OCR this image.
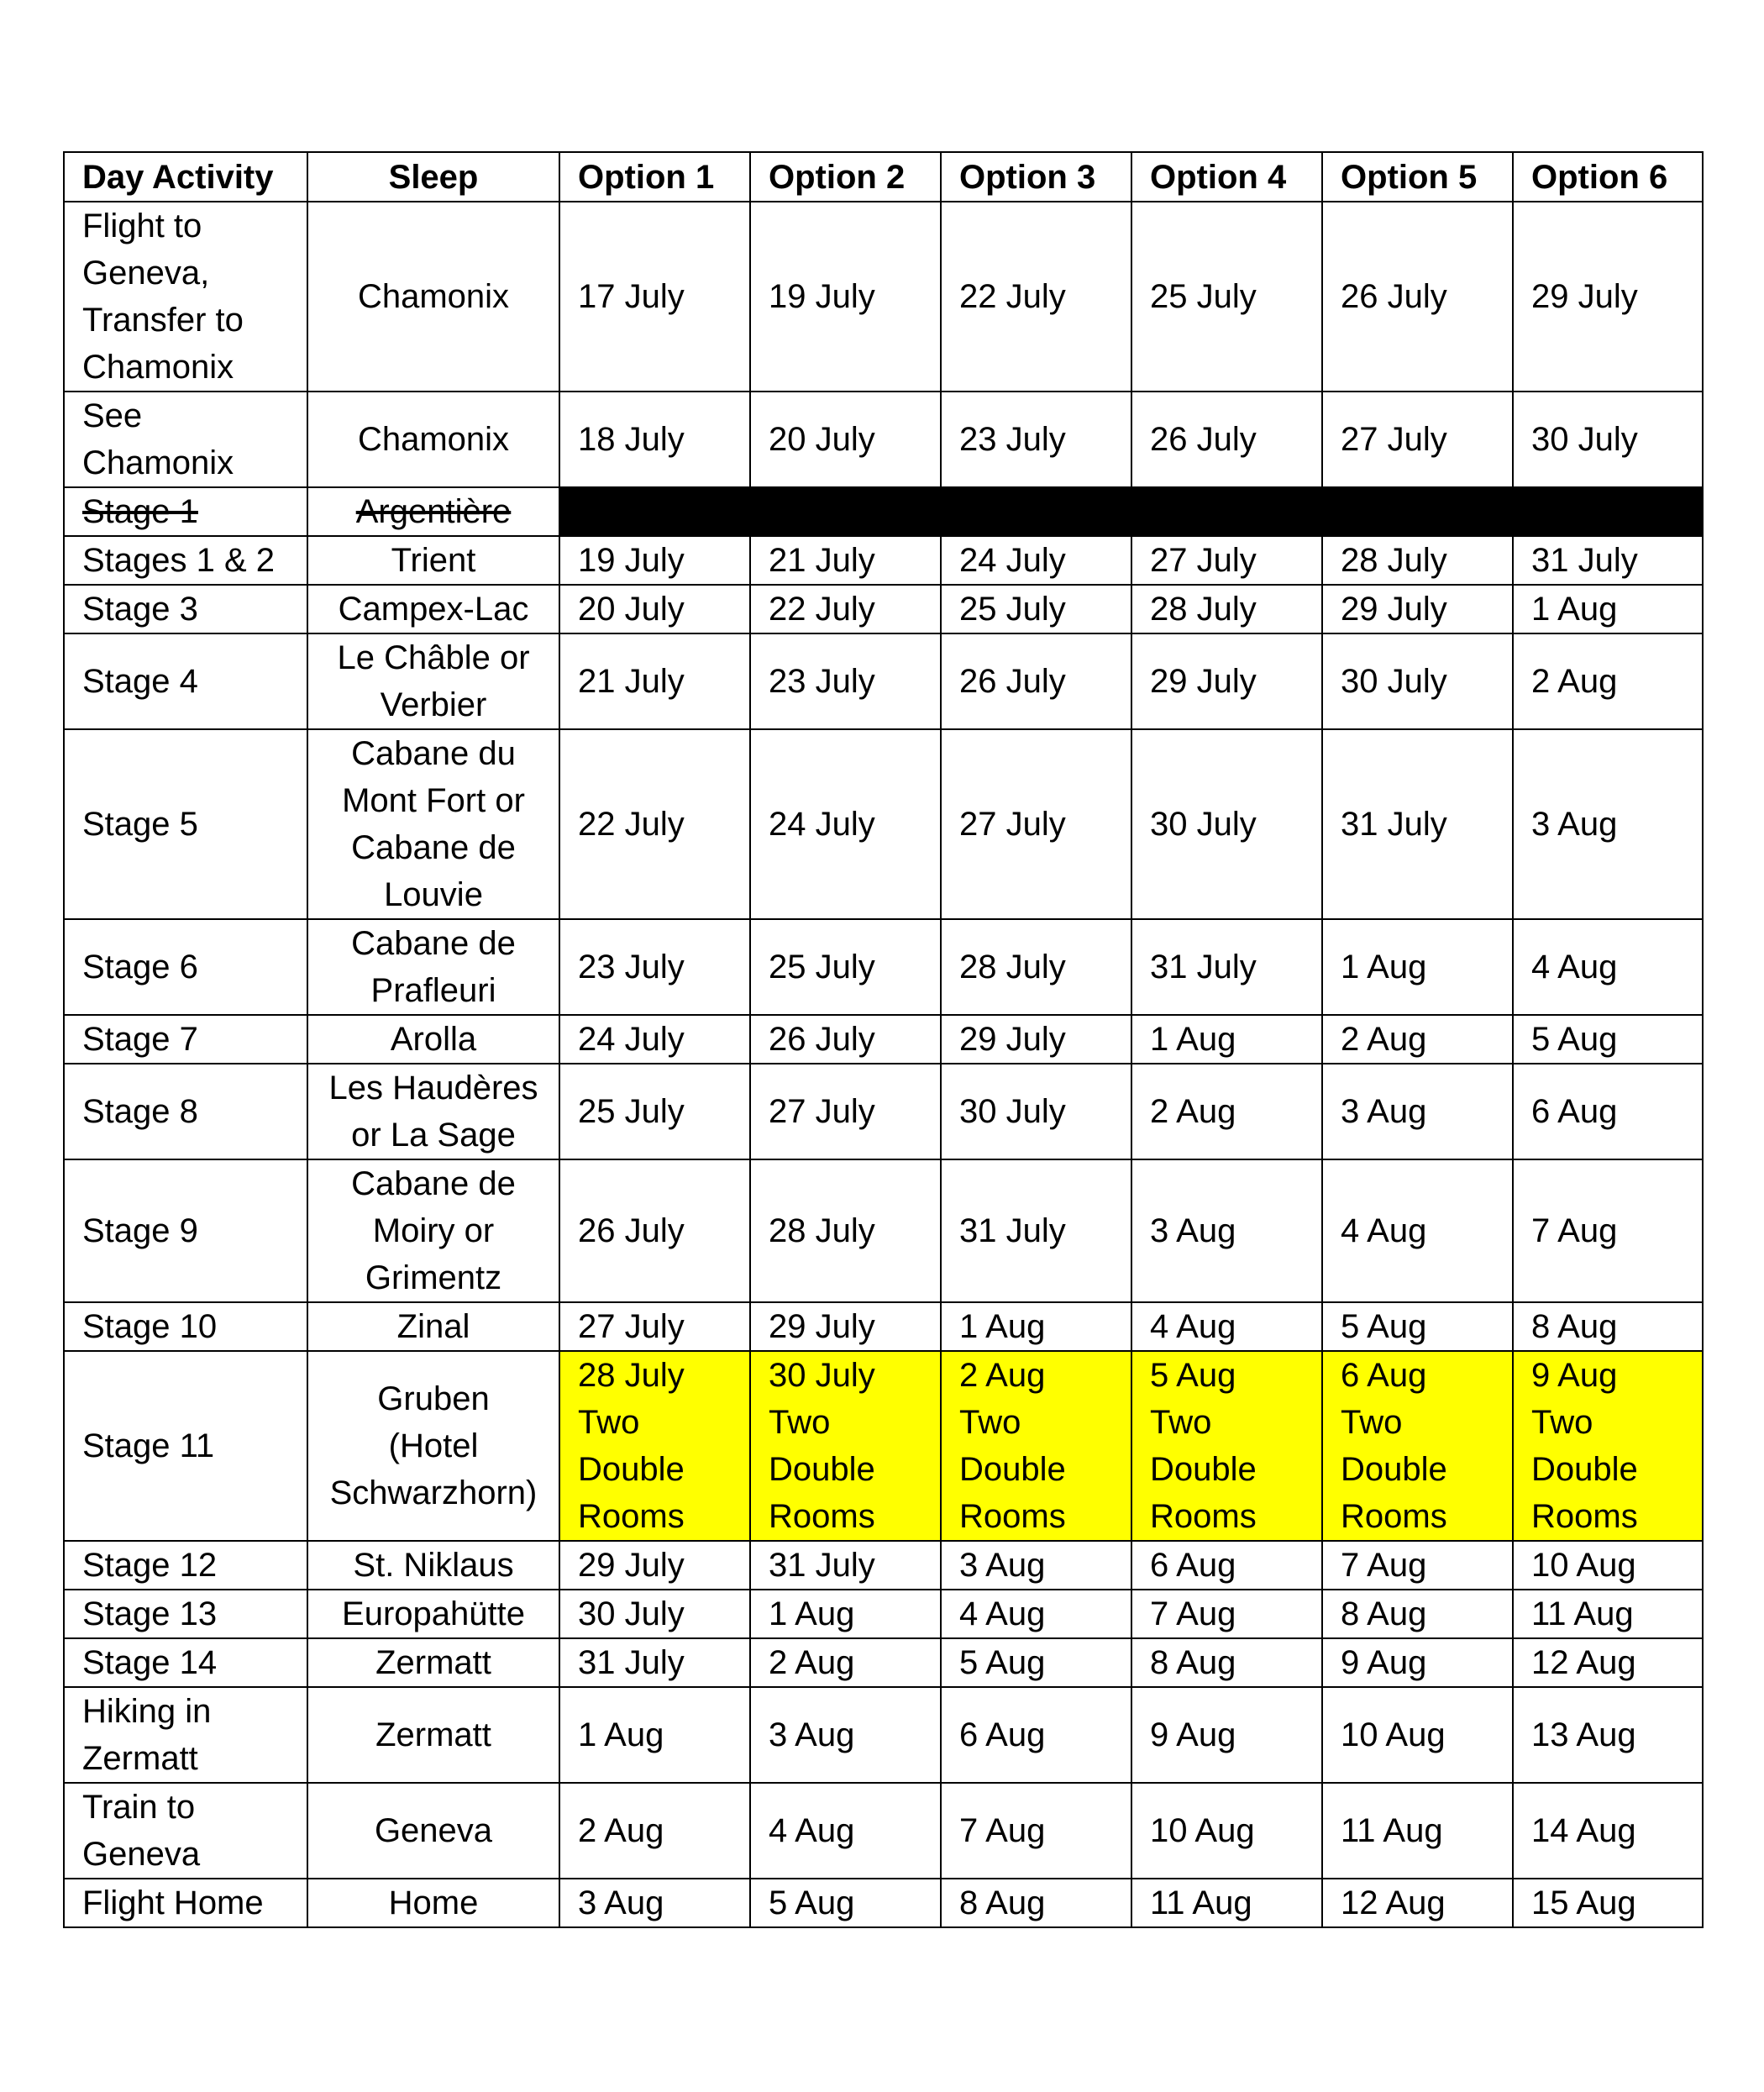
Day Activity	Sleep	Option 1	Option 2	Option 3	Option 4	Option 5	Option 6

Flight to
Geneva,
Transfer to
Chamonix	Chamonix	17 July	19 July	22 July	25 July	26 July	29 July

See
Chamonix	Chamonix	18 July	20 July	23 July	26 July	27 July	30 July

Stage 1	Argentière						

Stages 1 & 2	Trient	19 July	21 July	24 July	27 July	28 July	31 July

Stage 3	Campex-Lac	20 July	22 July	25 July	28 July	29 July	1 Aug

Stage 4	Le Châble or
Verbier	21 July	23 July	26 July	29 July	30 July	2 Aug

Stage 5	Cabane du
Mont Fort or
Cabane de
Louvie	22 July	24 July	27 July	30 July	31 July	3 Aug

Stage 6	Cabane de
Prafleuri	23 July	25 July	28 July	31 July	1 Aug	4 Aug

Stage 7	Arolla	24 July	26 July	29 July	1 Aug	2 Aug	5 Aug

Stage 8	Les Haudères
or La Sage	25 July	27 July	30 July	2 Aug	3 Aug	6 Aug

Stage 9	Cabane de
Moiry or
Grimentz	26 July	28 July	31 July	3 Aug	4 Aug	7 Aug

Stage 10	Zinal	27 July	29 July	1 Aug	4 Aug	5 Aug	8 Aug

Stage 11	Gruben
(Hotel
Schwarzhorn)	28 July
Two
Double
Rooms	30 July
Two
Double
Rooms	2 Aug
Two
Double
Rooms	5 Aug
Two
Double
Rooms	6 Aug
Two
Double
Rooms	9 Aug
Two
Double
Rooms

Stage 12	St. Niklaus	29 July	31 July	3 Aug	6 Aug	7 Aug	10 Aug

Stage 13	Europahütte	30 July	1 Aug	4 Aug	7 Aug	8 Aug	11 Aug

Stage 14	Zermatt	31 July	2 Aug	5 Aug	8 Aug	9 Aug	12 Aug

Hiking in
Zermatt	Zermatt	1 Aug	3 Aug	6 Aug	9 Aug	10 Aug	13 Aug

Train to
Geneva	Geneva	2 Aug	4 Aug	7 Aug	10 Aug	11 Aug	14 Aug

Flight Home	Home	3 Aug	5 Aug	8 Aug	11 Aug	12 Aug	15 Aug
